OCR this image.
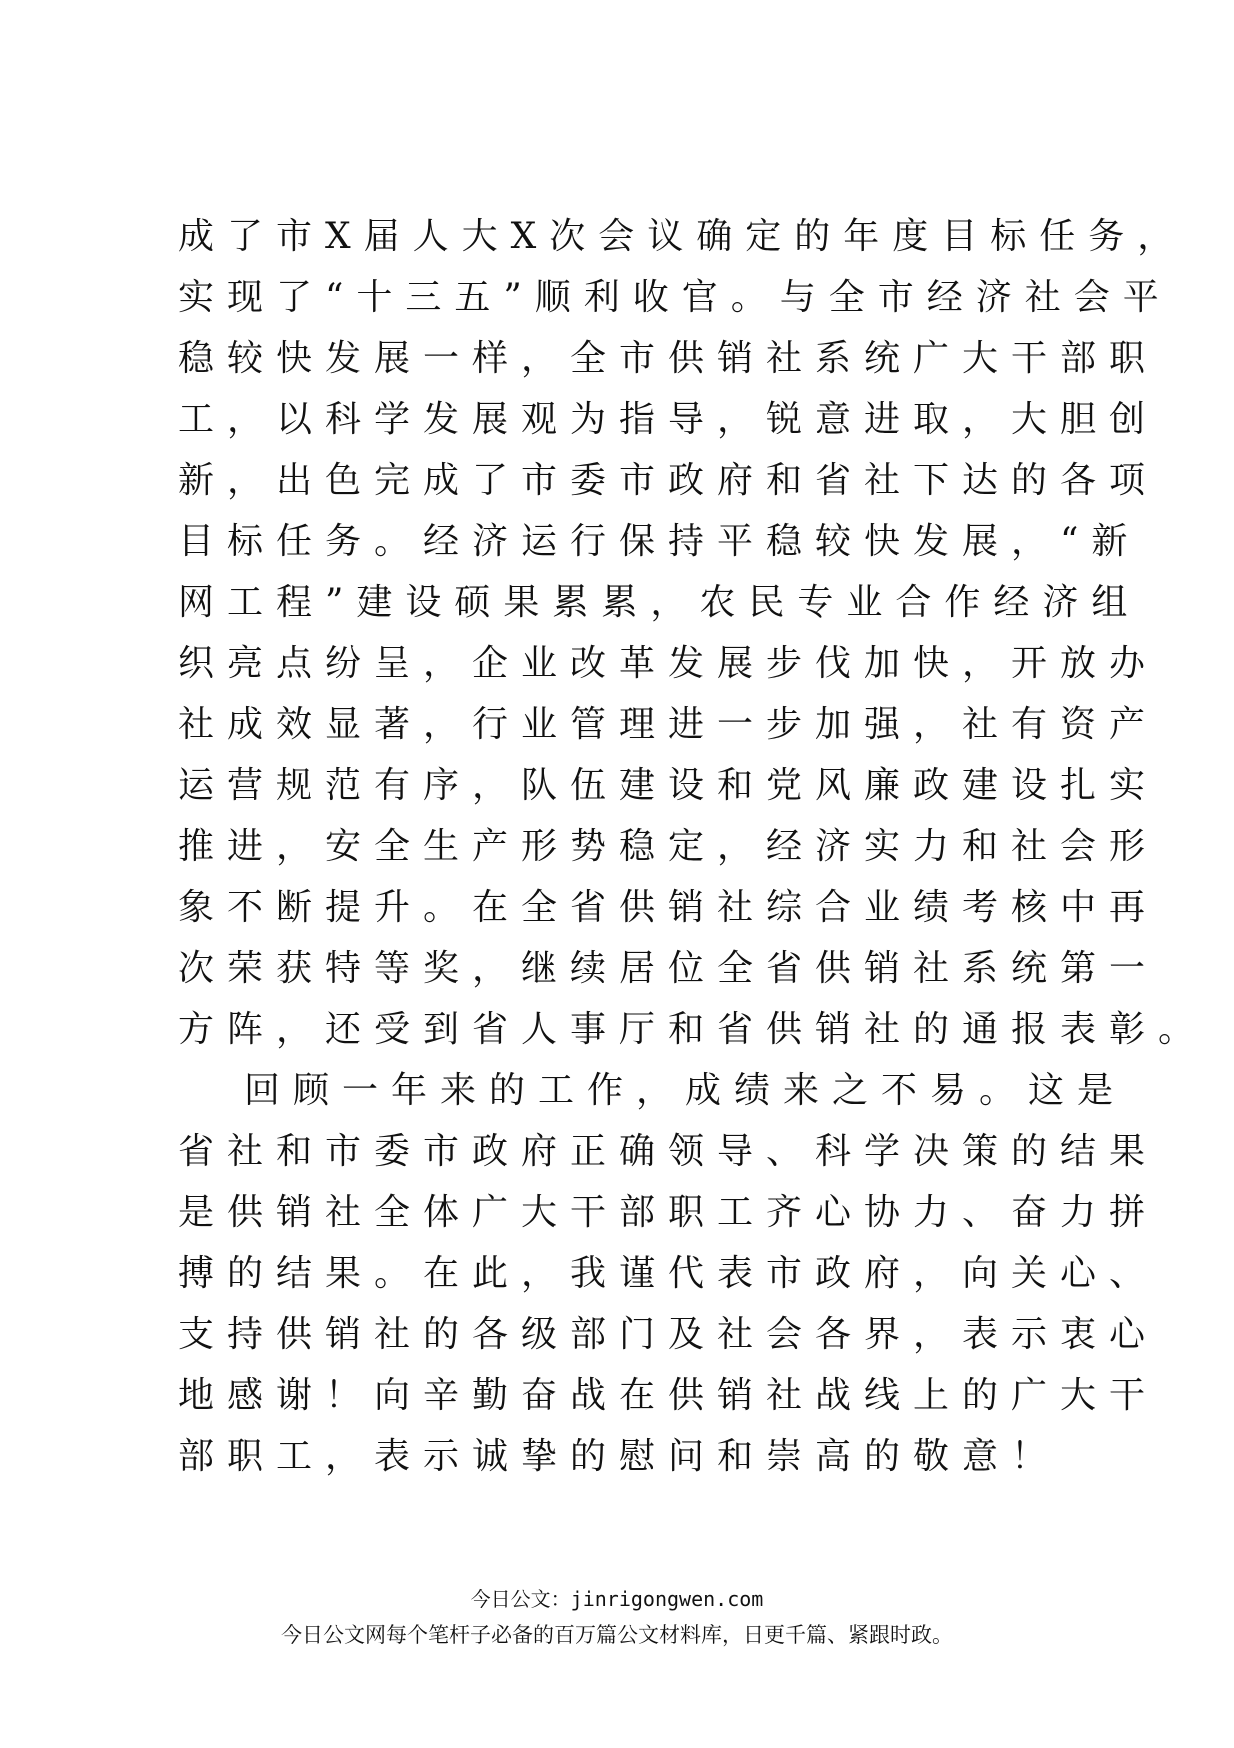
成了市X届人大X次会议确定的年度目标任务，
实现了“十三五”顺利收官。与全市经济社会平
稳较快发展一样，全市供销社系统广大干部职
工，以科学发展观为指导，锐意进取，大胆创
新，出色完成了市委市政府和省社下达的各项
目标任务。经济运行保持平稳较快发展，“新
网工程”建设硕果累累，农民专业合作经济组
织亮点纷呈，企业改革发展步伐加快，开放办
社成效显著，行业管理进一步加强，社有资产
运营规范有序，队伍建设和党风廉政建设扎实
推进，安全生产形势稳定，经济实力和社会形
象不断提升。在全省供销社综合业绩考核中再
次荣获特等奖，继续居位全省供销社系统第一
方阵，还受到省人事厅和省供销社的通报表彰。
回顾一年来的工作，成绩来之不易。这是
省社和市委市政府正确领导、科学决策的结果
是供销社全体广大干部职工齐心协力、奋力拼
搏的结果。在此，我谨代表市政府，向关心、
支持供销社的各级部门及社会各界，表示衷心
地感谢！向辛勤奋战在供销社战线上的广大干
部职工，表示诚挚的慰问和崇高的敬意！
今日公文：jinrigongwen.com
今日公文网每个笔杆子必备的百万篇公文材料库，日更千篇、紧跟时政。
